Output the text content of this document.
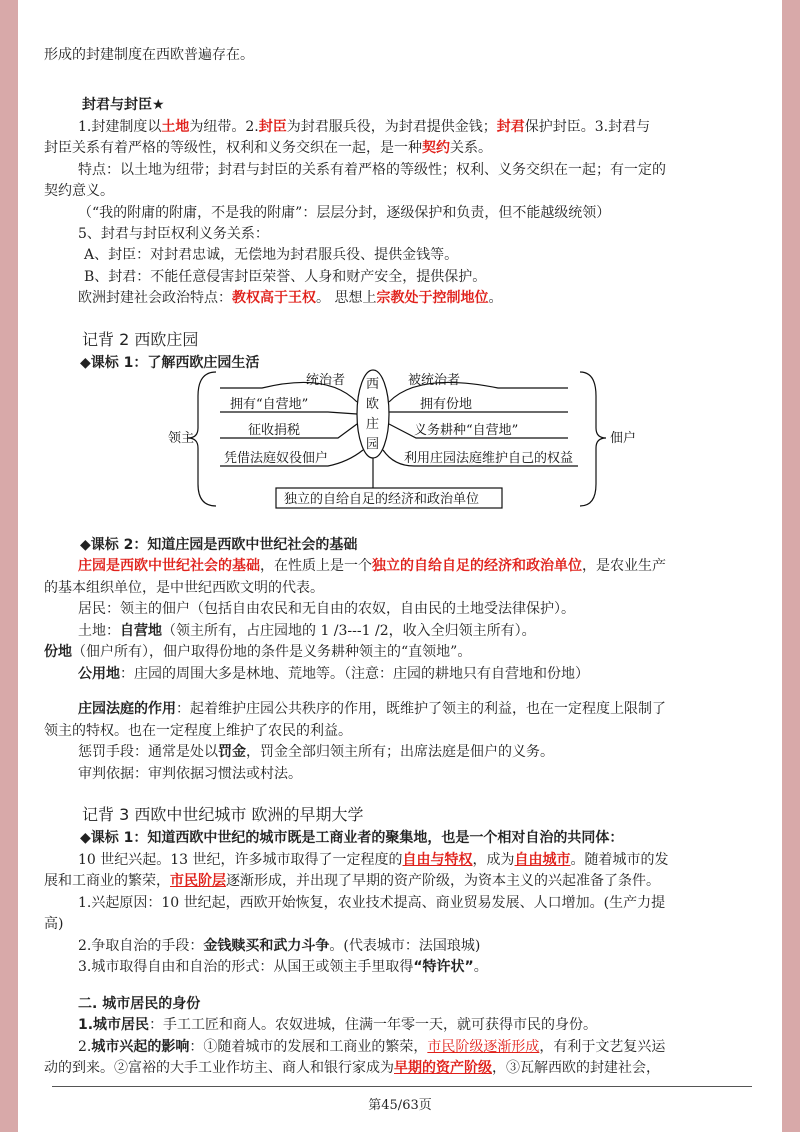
形成的封建制度在西欧普遍存在。
封君与封臣★
1.封建制度以土地为纽带。2.封臣为封君服兵役，为封君提供金钱；封君保护封臣。3.封君与
封臣关系有着严格的等级性，权利和义务交织在一起，是一种契约关系。
特点：以土地为纽带；封君与封臣的关系有着严格的等级性；权利、义务交织在一起；有一定的
契约意义。
（“我的附庸的附庸，不是我的附庸”：层层分封，逐级保护和负责，但不能越级统领）
5、封君与封臣权利义务关系：
A、封臣：对封君忠诚，无偿地为封君服兵役、提供金钱等。
B、封君：不能任意侵害封臣荣誉、人身和财产安全，提供保护。
欧洲封建社会政治特点：教权高于王权。 思想上宗教处于控制地位。
记背 2 西欧庄园
◆课标 1：了解西欧庄园生活
西
欧
庄
园
领主	佃户
统治者
拥有“自营地”
征收捐税
凭借法庭奴役佃户
被统治者
拥有份地
义务耕种“自营地”
利用庄园法庭维护自己的权益
独立的自给自足的经济和政治单位
◆课标 2：知道庄园是西欧中世纪社会的基础
庄园是西欧中世纪社会的基础，在性质上是一个独立的自给自足的经济和政治单位，是农业生产
的基本组织单位，是中世纪西欧文明的代表。
居民：领主的佃户（包括自由农民和无自由的农奴，自由民的土地受法律保护）。
土地：自营地（领主所有，占庄园地的 1 /3---1 /2，收入全归领主所有）。
份地（佃户所有），佃户取得份地的条件是义务耕种领主的“直领地”。
公用地：庄园的周围大多是林地、荒地等。（注意：庄园的耕地只有自营地和份地）
庄园法庭的作用：起着维护庄园公共秩序的作用，既维护了领主的利益，也在一定程度上限制了
领主的特权。也在一定程度上维护了农民的利益。
惩罚手段：通常是处以罚金，罚金全部归领主所有；出席法庭是佃户的义务。
审判依据：审判依据习惯法或村法。
记背 3 西欧中世纪城市 欧洲的早期大学
◆课标 1：知道西欧中世纪的城市既是工商业者的聚集地，也是一个相对自治的共同体：
10 世纪兴起。13 世纪，许多城市取得了一定程度的自由与特权，成为自由城市。随着城市的发
展和工商业的繁荣，市民阶层逐渐形成，并出现了早期的资产阶级，为资本主义的兴起准备了条件。
1.兴起原因：10 世纪起，西欧开始恢复，农业技术提高、商业贸易发展、人口增加。(生产力提
高)
2.争取自治的手段：金钱赎买和武力斗争。(代表城市：法国琅城)
3.城市取得自由和自治的形式：从国王或领主手里取得“特许状”。
二. 城市居民的身份
1.城市居民：手工工匠和商人。农奴进城，住满一年零一天，就可获得市民的身份。
2.城市兴起的影响：①随着城市的发展和工商业的繁荣，市民阶级逐渐形成，有利于文艺复兴运
动的到来。②富裕的大手工业作坊主、商人和银行家成为早期的资产阶级，③瓦解西欧的封建社会，
第45/63页
